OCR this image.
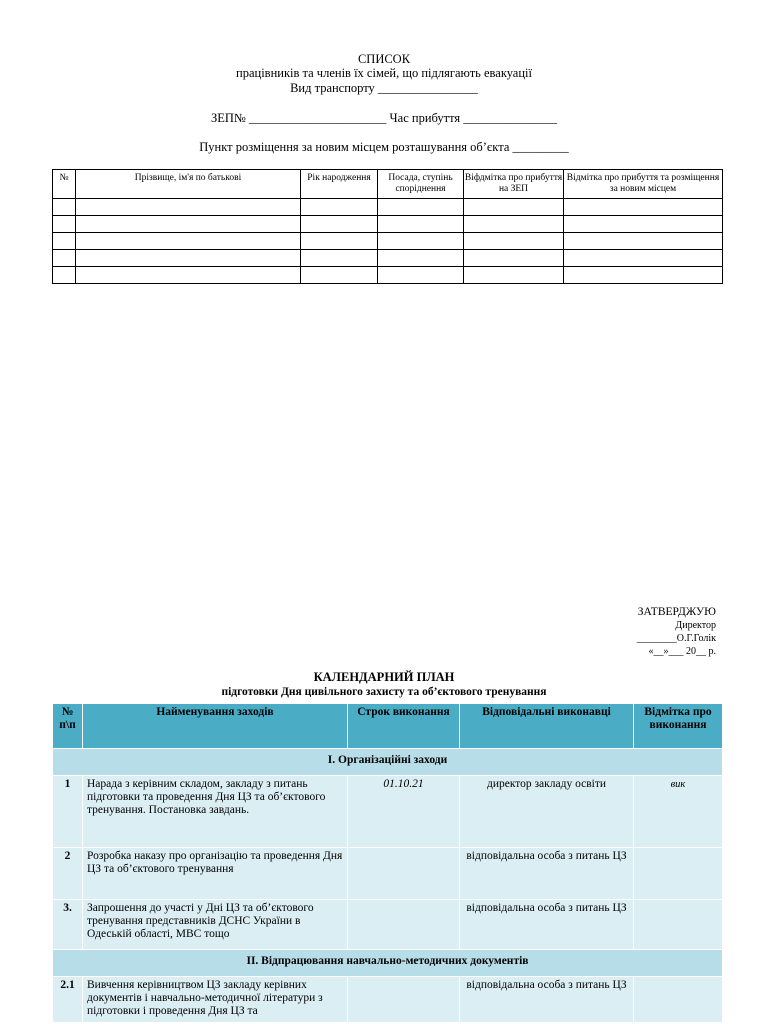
СПИСОК
працівників та членів їх сімей, що підлягають евакуації
Вид транспорту ________________
ЗЕП№ ______________________ Час прибуття _______________
Пункт розміщення за новим місцем розташування об’єкта _________
№	Прізвище, ім'я по батькові	Рік народження	Посада, ступінь споріднення	Віфдмітка про прибуття на ЗЕП	Відмітка про прибуття та розміщення за новим місцем

ЗАТВЕРДЖУЮ
Директор
________О.Г.Голік
«__»___ 20__ р.
КАЛЕНДАРНИЙ ПЛАН
підготовки Дня цивільного захисту та об’єктового тренування
№ п\п	Найменування заходів	Строк виконання	Відповідальні виконавці	Відмітка про виконання
І. Організаційні заходи				
1	Нарада з керівним складом, закладу з питань підготовки та проведення Дня ЦЗ та об’єктового тренування. Постановка завдань.	01.10.21	директор закладу освіти	вик
2	Розробка наказу про організацію та проведення Дня ЦЗ та об’єктового тренування		відповідальна особа з питань ЦЗ	
3.	Запрошення до участі у Дні ЦЗ та об’єктового тренування представників ДСНС України в Одеській області, МВС тощо		відповідальна особа з питань ЦЗ	
ІІ. Відпрацювання навчально-методичних документів				
2.1	Вивчення керівництвом ЦЗ закладу керівних документів і навчально-методичної літератури з підготовки і проведення Дня ЦЗ та		відповідальна особа з питань ЦЗ	
